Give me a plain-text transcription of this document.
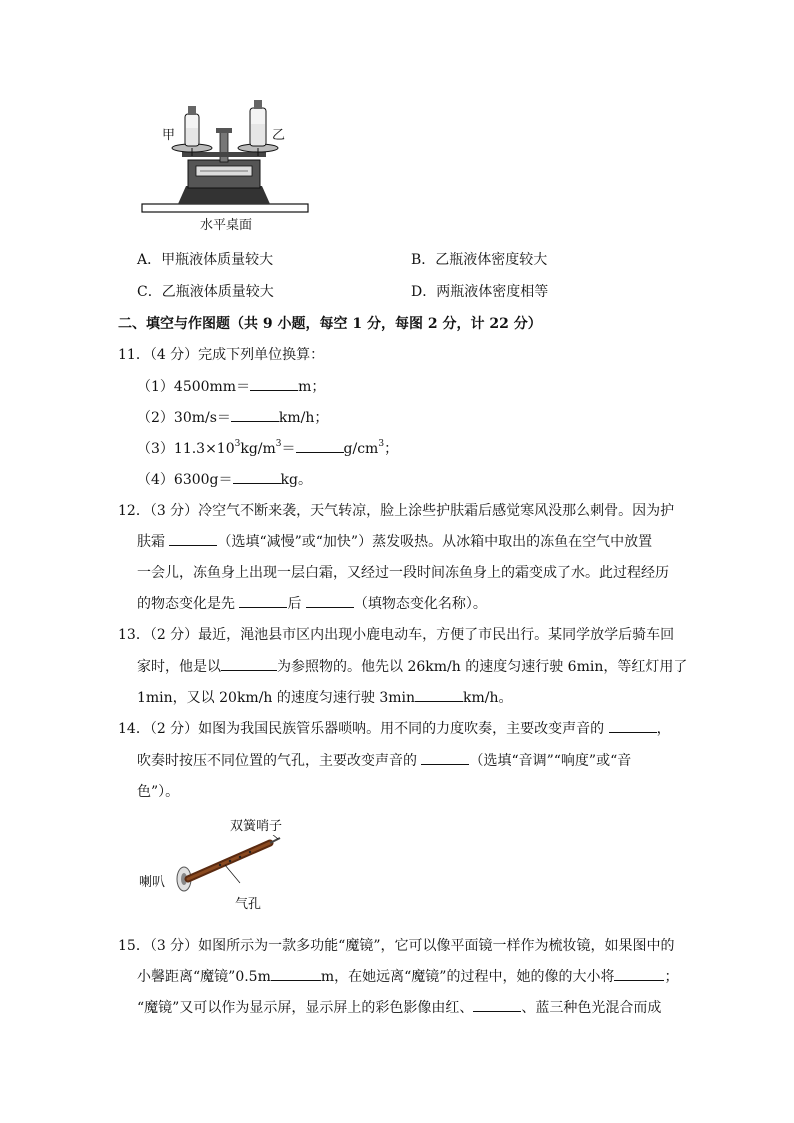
甲	乙
水平桌面
A．甲瓶液体质量较大	B．乙瓶液体密度较大
C．乙瓶液体质量较大	D．两瓶液体密度相等
二、填空与作图题（共 9 小题，每空 1 分，每图 2 分，计 22 分）
11．（4 分）完成下列单位换算：
（1）4500mm＝	m；
（2）30m/s＝	km/h；
$(3)11.3\times 10^3kg/m^3=$	$g/cm^3$；
（4）6300g＝	kg。
12．（3 分）冷空气不断来袭，天气转凉，脸上涂些护肤霜后感觉寒风没那么刺骨。因为护
肤霜	（选填“减慢”或“加快”）蒸发吸热。从冰箱中取出的冻鱼在空气中放置
一会儿，冻鱼身上出现一层白霜，又经过一段时间冻鱼身上的霜变成了水。此过程经历
的物态变化是先	后	（填物态变化名称）。
13．（2 分）最近，渑池县市区内出现小鹿电动车，方便了市民出行。某同学放学后骑车回
家时，他是以	为参照物的。他先以 26km/h 的速度匀速行驶 6min，等红灯用了
1min，又以 20km/h 的速度匀速行驶 3min	km/h。
14．（2 分）如图为我国民族管乐器唢呐。用不同的力度吹奏，主要改变声音的	，
吹奏时按压不同位置的气孔，主要改变声音的	（选填“音调”“响度”或“音
色”）。
双簧哨子
喇叭
气孔
15．（3 分）如图所示为一款多功能“魔镜”，它可以像平面镜一样作为梳妆镜，如果图中的
小馨距离“魔镜”0.5m	m，在她远离“魔镜”的过程中，她的像的大小将	；
“魔镜”又可以作为显示屏，显示屏上的彩色影像由红、	、蓝三种色光混合而成
